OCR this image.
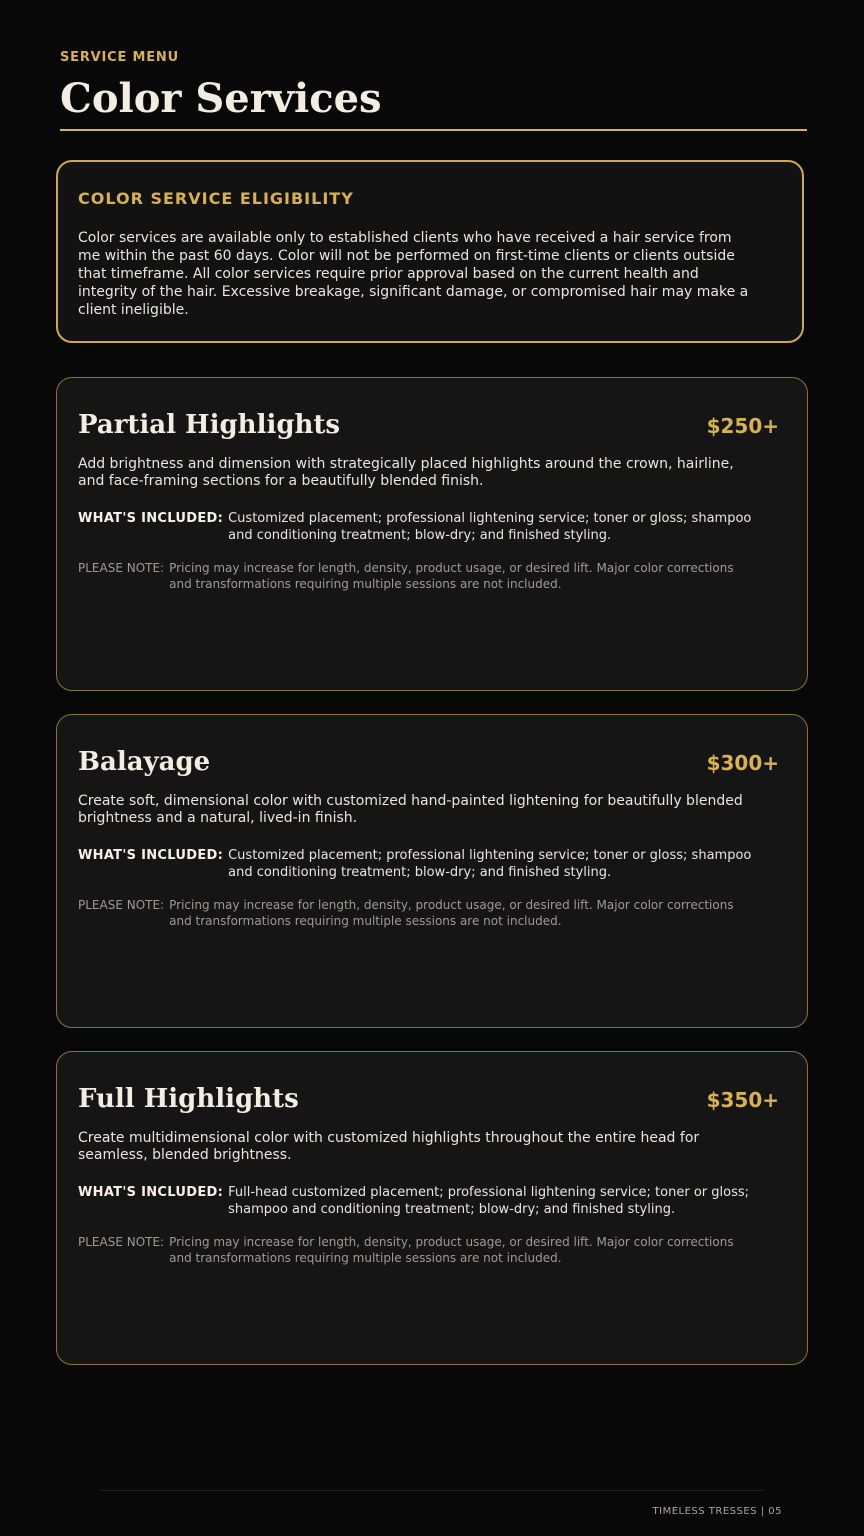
SERVICE MENU
Color Services
COLOR SERVICE ELIGIBILITY
Color services are available only to established clients who have received a hair service from me within the past 60 days. Color will not be performed on first-time clients or clients outside that timeframe. All color services require prior approval based on the current health and integrity of the hair. Excessive breakage, significant damage, or compromised hair may make a client ineligible.
Partial Highlights	$250+
Add brightness and dimension with strategically placed highlights around the crown, hairline, and face-framing sections for a beautifully blended finish.
WHAT'S INCLUDED: Customized placement; professional lightening service; toner or gloss; shampoo and conditioning treatment; blow-dry; and finished styling.
PLEASE NOTE: Pricing may increase for length, density, product usage, or desired lift. Major color corrections and transformations requiring multiple sessions are not included.
Balayage	$300+
Create soft, dimensional color with customized hand-painted lightening for beautifully blended brightness and a natural, lived-in finish.
WHAT'S INCLUDED: Customized placement; professional lightening service; toner or gloss; shampoo and conditioning treatment; blow-dry; and finished styling.
PLEASE NOTE: Pricing may increase for length, density, product usage, or desired lift. Major color corrections and transformations requiring multiple sessions are not included.
Full Highlights	$350+
Create multidimensional color with customized highlights throughout the entire head for seamless, blended brightness.
WHAT'S INCLUDED: Full-head customized placement; professional lightening service; toner or gloss; shampoo and conditioning treatment; blow-dry; and finished styling.
PLEASE NOTE: Pricing may increase for length, density, product usage, or desired lift. Major color corrections and transformations requiring multiple sessions are not included.
TIMELESS TRESSES | 05
